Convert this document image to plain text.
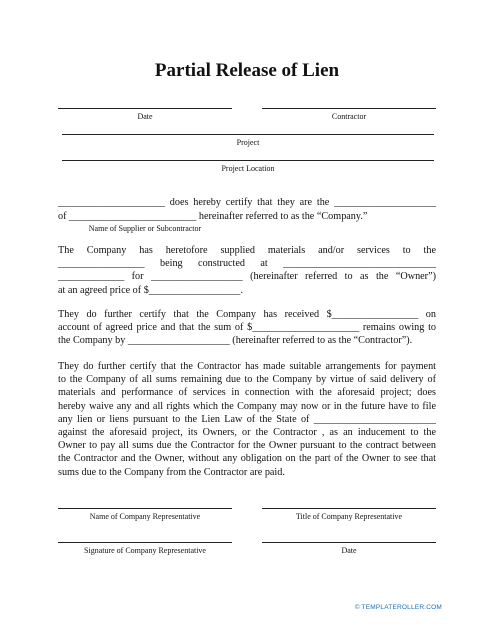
Partial Release of Lien
Date	Contractor
Project
Project Location
_____________________ does hereby certify that they are the ____________________
of _________________________ hereinafter referred to as the “Company.”
Name of Supplier or Subcontractor

The Company has heretofore supplied materials and/or services to the

_________________ being constructed at ______________________________

_____________ for __________________ (hereinafter referred to as the “Owner”)

at an agreed price of $__________________.

They do further certify that the Company has received $_________________ on

account of agreed price and that the sum of $_____________________ remains owing to

the Company by ____________________ (hereinafter referred to as the “Contractor”).

They do further certify that the Contractor has made suitable arrangements for payment

to the Company of all sums remaining due to the Company by virtue of said delivery of

materials and performance of services in connection with the aforesaid project; does

hereby waive any and all rights which the Company may now or in the future have to file

any lien or liens pursuant to the Lien Law of the State of ________________________

against the aforesaid project, its Owners, or the Contractor , as an inducement to the

Owner to pay all sums due the Contractor for the Owner pursuant to the contract between

the Contractor and the Owner, without any obligation on the part of the Owner to see that

sums due to the Company from the Contractor are paid.

Name of Company Representative	Title of Company Representative
Signature of Company Representative	Date
© TEMPLATEROLLER.COM
